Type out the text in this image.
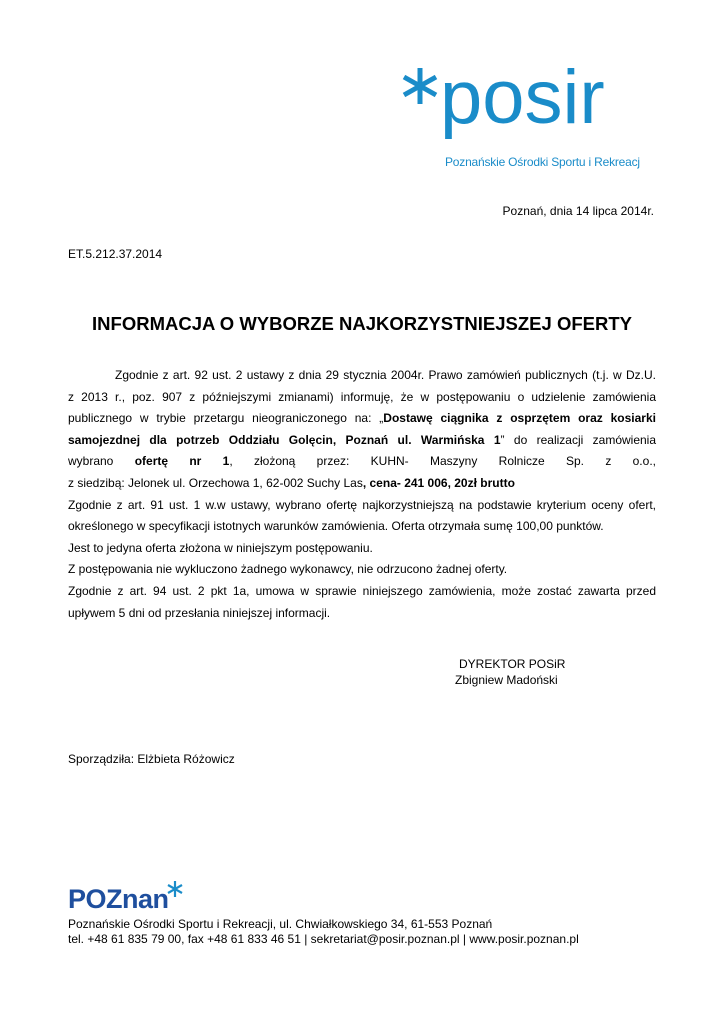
posir
Poznańskie Ośrodki Sportu i Rekreacj
Poznań, dnia 14 lipca 2014r.
ET.5.212.37.2014
INFORMACJA O WYBORZE NAJKORZYSTNIEJSZEJ OFERTY
Zgodnie z art. 92 ust. 2 ustawy z dnia 29 stycznia 2004r. Prawo zamówień publicznych (t.j. w Dz.U.
z 2013 r., poz. 907 z późniejszymi zmianami) informuję, że w postępowaniu o udzielenie zamówienia
publicznego w trybie przetargu nieograniczonego na: „Dostawę ciągnika z osprzętem oraz kosiarki
samojezdnej dla potrzeb Oddziału Golęcin, Poznań ul. Warmińska 1” do realizacji zamówienia
wybrano ofertę nr 1, złożoną przez: KUHN- Maszyny Rolnicze Sp. z o.o.,
z siedzibą: Jelonek ul. Orzechowa 1, 62-002 Suchy Las, cena- 241 006, 20zł brutto
Zgodnie z art. 91 ust. 1 w.w ustawy, wybrano ofertę najkorzystniejszą na podstawie kryterium oceny ofert,
określonego w specyfikacji istotnych warunków zamówienia. Oferta otrzymała sumę 100,00 punktów.
Jest to jedyna oferta złożona w niniejszym postępowaniu.
Z postępowania nie wykluczono żadnego wykonawcy, nie odrzucono żadnej oferty.
Zgodnie z art. 94 ust. 2 pkt 1a, umowa w sprawie niniejszego zamówienia, może zostać zawarta przed
upływem 5 dni od przesłania niniejszej informacji.
DYREKTOR POSiR
Zbigniew Madoński
Sporządziła: Elżbieta Różowicz
POZnan
Poznańskie Ośrodki Sportu i Rekreacji, ul. Chwiałkowskiego 34, 61-553 Poznań
tel. +48 61 835 79 00, fax +48 61 833 46 51 | sekretariat@posir.poznan.pl | www.posir.poznan.pl
